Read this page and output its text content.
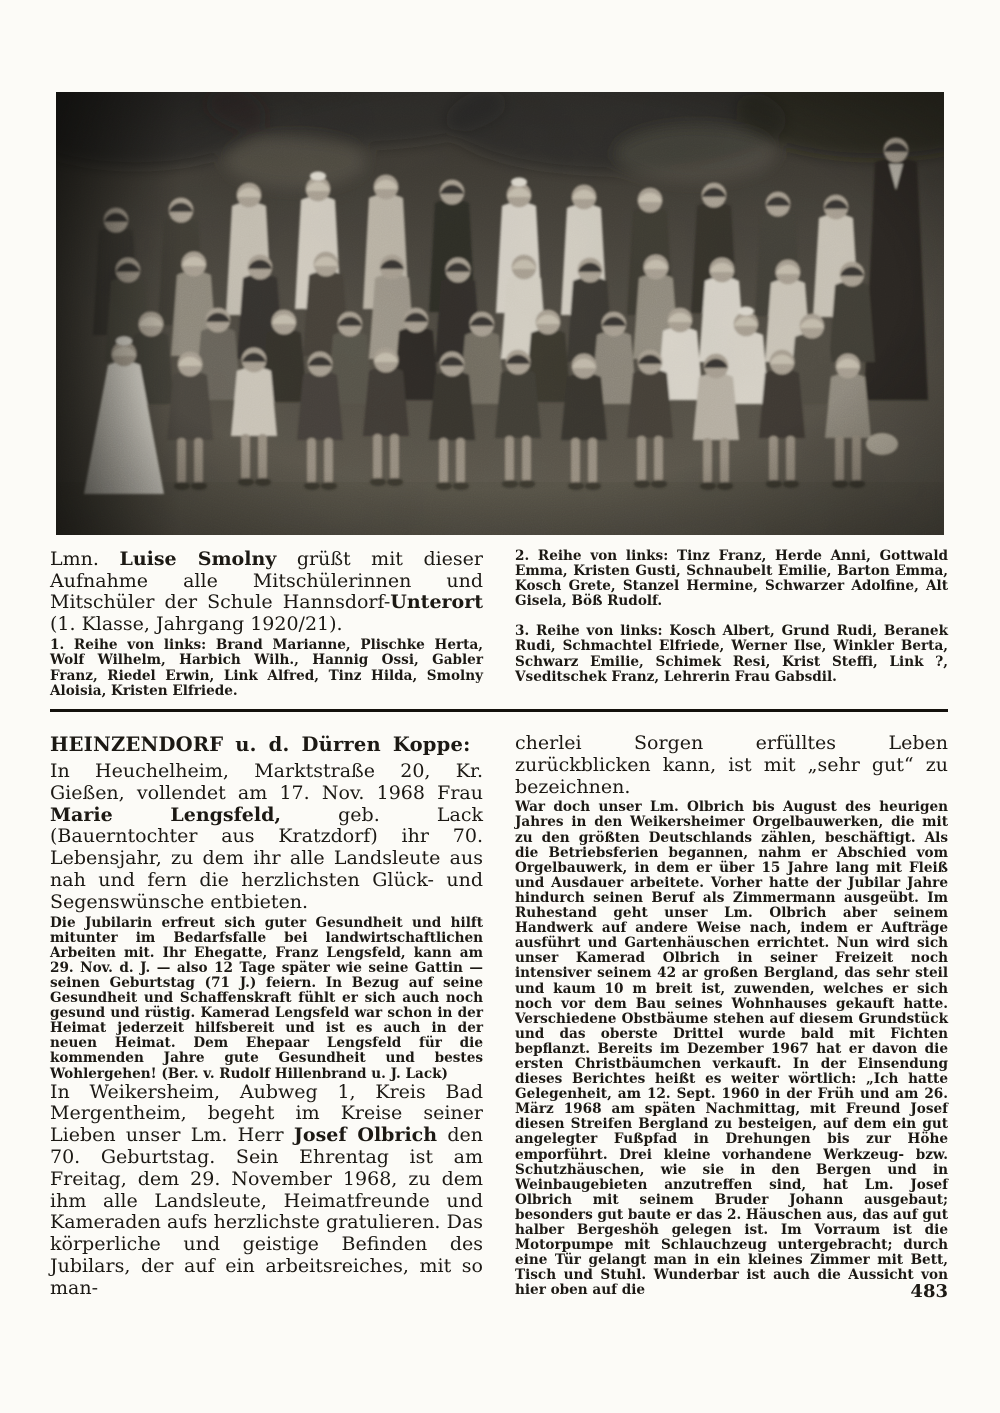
Lmn. Luise Smolny grüßt mit dieser Aufnahme alle Mitschülerinnen und Mitschüler der Schule Hannsdorf-Unterort (1. Klasse, Jahrgang 1920/21).

1. Reihe von links: Brand Marianne, Plischke Herta, Wolf Wilhelm, Harbich Wilh., Hannig Ossi, Gabler Franz, Riedel Erwin, Link Alfred, Tinz Hilda, Smolny Aloisia, Kristen Elfriede.

2. Reihe von links: Tinz Franz, Herde Anni, Gottwald Emma, Kristen Gusti, Schnaubelt Emilie, Barton Emma, Kosch Grete, Stanzel Hermine, Schwarzer Adolfine, Alt Gisela, Böß Rudolf.

3. Reihe von links: Kosch Albert, Grund Rudi, Beranek Rudi, Schmachtel Elfriede, Werner Ilse, Winkler Berta, Schwarz Emilie, Schimek Resi, Krist Steffi, Link ?, Vseditschek Franz, Lehrerin Frau Gabsdil.

HEINZENDORF u. d. Dürren Koppe:

In Heuchelheim, Marktstraße 20, Kr. Gießen, vollendet am 17. Nov. 1968 Frau Marie Lengsfeld, geb. Lack (Bauerntochter aus Kratzdorf) ihr 70. Lebensjahr, zu dem ihr alle Landsleute aus nah und fern die herzlichsten Glück- und Segenswünsche entbieten.

Die Jubilarin erfreut sich guter Gesundheit und hilft mitunter im Bedarfsfalle bei landwirtschaftlichen Arbeiten mit. Ihr Ehegatte, Franz Lengsfeld, kann am 29. Nov. d. J. — also 12 Tage später wie seine Gattin — seinen Geburtstag (71 J.) feiern. In Bezug auf seine Gesundheit und Schaffenskraft fühlt er sich auch noch gesund und rüstig. Kamerad Lengsfeld war schon in der Heimat jederzeit hilfsbereit und ist es auch in der neuen Heimat. Dem Ehepaar Lengsfeld für die kommenden Jahre gute Gesundheit und bestes Wohlergehen! (Ber. v. Rudolf Hillenbrand u. J. Lack)

In Weikersheim, Aubweg 1, Kreis Bad Mergentheim, begeht im Kreise seiner Lieben unser Lm. Herr Josef Olbrich den 70. Geburtstag. Sein Ehrentag ist am Freitag, dem 29. November 1968, zu dem ihm alle Landsleute, Heimatfreunde und Kameraden aufs herzlichste gratulieren. Das körperliche und geistige Befinden des Jubilars, der auf ein arbeitsreiches, mit so man-

cherlei Sorgen erfülltes Leben zurückblicken kann, ist mit „sehr gut“ zu bezeichnen.

War doch unser Lm. Olbrich bis August des heurigen Jahres in den Weikersheimer Orgelbauwerken, die mit zu den größten Deutschlands zählen, beschäftigt. Als die Betriebsferien begannen, nahm er Abschied vom Orgelbauwerk, in dem er über 15 Jahre lang mit Fleiß und Ausdauer arbeitete. Vorher hatte der Jubilar Jahre hindurch seinen Beruf als Zimmermann ausgeübt. Im Ruhestand geht unser Lm. Olbrich aber seinem Handwerk auf andere Weise nach, indem er Aufträge ausführt und Gartenhäuschen errichtet. Nun wird sich unser Kamerad Olbrich in seiner Freizeit noch intensiver seinem 42 ar großen Bergland, das sehr steil und kaum 10 m breit ist, zuwenden, welches er sich noch vor dem Bau seines Wohnhauses gekauft hatte. Verschiedene Obstbäume stehen auf diesem Grundstück und das oberste Drittel wurde bald mit Fichten bepflanzt. Bereits im Dezember 1967 hat er davon die ersten Christbäumchen verkauft. In der Einsendung dieses Berichtes heißt es weiter wörtlich: „Ich hatte Gelegenheit, am 12. Sept. 1960 in der Früh und am 26. März 1968 am späten Nachmittag, mit Freund Josef diesen Streifen Bergland zu besteigen, auf dem ein gut angelegter Fußpfad in Drehungen bis zur Höhe emporführt. Drei kleine vorhandene Werkzeug- bzw. Schutzhäuschen, wie sie in den Bergen und in Weinbaugebieten anzutreffen sind, hat Lm. Josef Olbrich mit seinem Bruder Johann ausgebaut; besonders gut baute er das 2. Häuschen aus, das auf gut halber Bergeshöh gelegen ist. Im Vorraum ist die Motorpumpe mit Schlauchzeug untergebracht; durch eine Tür gelangt man in ein kleines Zimmer mit Bett, Tisch und Stuhl. Wunderbar ist auch die Aussicht von hier oben auf die	483
